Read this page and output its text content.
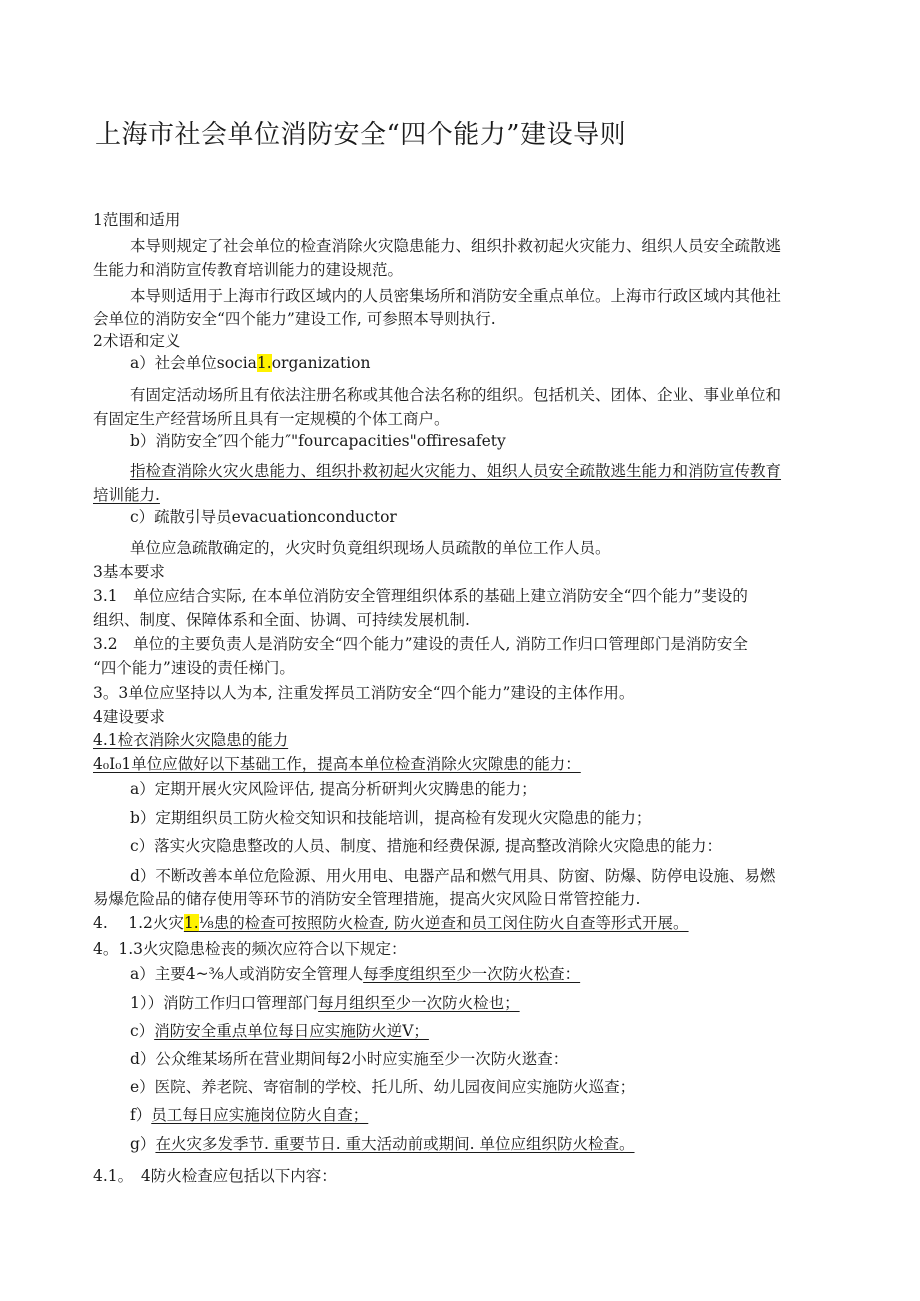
上海市社会单位消防安全“四个能力”建设导则
1范围和适用
本导则规定了社会单位的检查消除火灾隐患能力、组织扑救初起火灾能力、组织人员安全疏散逃
生能力和消防宣传教育培训能力的建设规范。
本导则适用于上海市行政区域内的人员密集场所和消防安全重点单位。上海市行政区域内其他社
会单位的消防安全“四个能力”建设工作, 可参照本导则执行.
2术语和定义
a）社会单位socia1.organization
有固定活动场所且有依法注册名称或其他合法名称的组织。包括机关、团体、企业、事业单位和
有固定生产经营场所且具有一定规模的个体工商户。
b）消防安全″四个能力″"fourcapacities"offiresafety
指检查消除火灾火患能力、组织扑救初起火灾能力、姐织人员安全疏散逃生能力和消防宣传教育
培训能力.
c）疏散引导员evacuationconductor
单位应急疏散确定的，火灾时负竟组织现场人员疏散的单位工作人员。
3基本要求
3.1　单位应结合实际, 在本单位消防安全管理组织体系的基础上建立消防安全“四个能力”斐设的
组织、制度、保障体系和全面、协调、可持续发展机制.
3.2　单位的主要负责人是消防安全“四个能力”建设的责任人, 消防工作归口管理郎门是消防安全
“四个能力”速设的责任梯门。
3。3单位应坚持以人为本, 注重发挥员工消防安全“四个能力”建设的主体作用。
4建设要求
4.1检衣消除火灾隐患的能力
4₀I₀1单位应做好以下基础工作，提高本单位检查消除火灾隙患的能力：
a）定期开展火灾风险评估, 提高分析研判火灾腾患的能力；
b）定期组织员工防火检交知识和技能培训，提高检有发现火灾隐患的能力；
c）落实火灾隐患整改的人员、制度、措施和经费保源, 提高整改消除火灾隐患的能力：
d）不断改善本单位危险源、用火用电、电器产品和燃气用具、防窗、防爆、防停电设施、易燃
易爆危险品的储存使用等环节的消防安全管理措施，提高火灾风险日常管控能力.
4.　 1.2火灾1.⅛患的检查可按照防火检查, 防火逆查和员工闵住防火自查等形式开展。
4。1.3火灾隐患检丧的频次应符合以下规定：
a）主要4~⅜人或消防安全管理人每季度组织至少一次防火松查：
1））消防工作归口管理部门每月组织至少一次防火检也；
c）消防安全重点单位每日应实施防火逆V；
d）公众维某场所在营业期间每2小时应实施至少一次防火逖查：
e）医院、养老院、寄宿制的学校、托儿所、幼儿园夜间应实施防火巡查；
f）员工每日应实施岗位防火自查；
g）在火灾多发季节. 重要节日. 重大活动前或期间. 单位应组织防火检查。
4.1。　4防火检查应包括以下内容：
